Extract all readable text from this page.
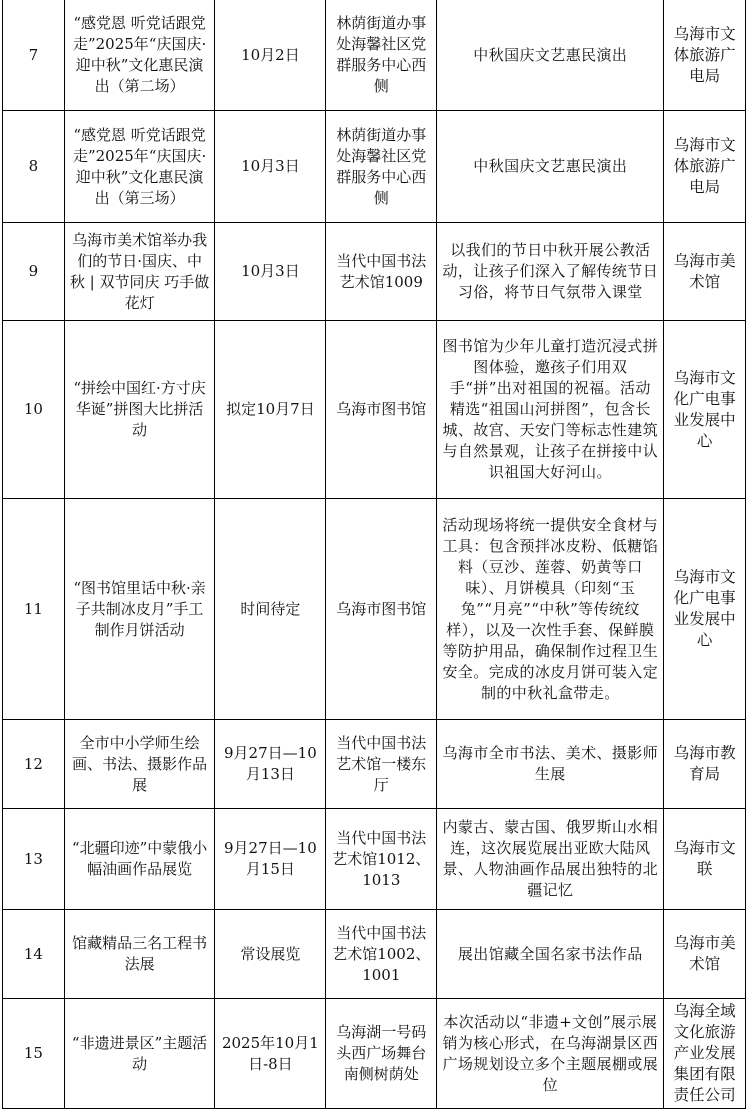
7	“感党恩 听党话跟党走”2025年“庆国庆·迎中秋”文化惠民演出（第二场）	10月2日	林荫街道办事处海馨社区党群服务中心西侧	中秋国庆文艺惠民演出	乌海市文体旅游广电局
8	“感党恩 听党话跟党走”2025年“庆国庆·迎中秋”文化惠民演出（第三场）	10月3日	林荫街道办事处海馨社区党群服务中心西侧	中秋国庆文艺惠民演出	乌海市文体旅游广电局
9	乌海市美术馆举办我们的节日·国庆、中秋 | 双节同庆 巧手做花灯	10月3日	当代中国书法艺术馆1009	以我们的节日中秋开展公教活动，让孩子们深入了解传统节日习俗，将节日气氛带入课堂	乌海市美术馆
10	“拼绘中国红·方寸庆华诞”拼图大比拼活动	拟定10月7日	乌海市图书馆	图书馆为少年儿童打造沉浸式拼图体验，邀孩子们用双手“拼”出对祖国的祝福。活动精选“祖国山河拼图”，包含长城、故宫、天安门等标志性建筑与自然景观，让孩子在拼接中认识祖国大好河山。	乌海市文化广电事业发展中心
11	“图书馆里话中秋·亲子共制冰皮月”手工制作月饼活动	时间待定	乌海市图书馆	活动现场将统一提供安全食材与工具：包含预拌冰皮粉、低糖馅料（豆沙、莲蓉、奶黄等口味）、月饼模具（印刻“玉兔”“月亮”“中秋”等传统纹样），以及一次性手套、保鲜膜等防护用品，确保制作过程卫生安全。完成的冰皮月饼可装入定制的中秋礼盒带走。	乌海市文化广电事业发展中心
12	全市中小学师生绘画、书法、摄影作品展	9月27日—10月13日	当代中国书法艺术馆一楼东厅	乌海市全市书法、美术、摄影师生展	乌海市教育局
13	“北疆印迹”中蒙俄小幅油画作品展览	9月27日—10月15日	当代中国书法艺术馆1012、1013	内蒙古、蒙古国、俄罗斯山水相连，这次展览展出亚欧大陆风景、人物油画作品展出独特的北疆记忆	乌海市文联
14	馆藏精品三名工程书法展	常设展览	当代中国书法艺术馆1002、1001	展出馆藏全国名家书法作品	乌海市美术馆
15	“非遗进景区”主题活动	2025年10月1日-8日	乌海湖一号码头西广场舞台南侧树荫处	本次活动以“非遗+文创”展示展销为核心形式，在乌海湖景区西广场规划设立多个主题展棚或展位	乌海全域文化旅游产业发展集团有限责任公司
